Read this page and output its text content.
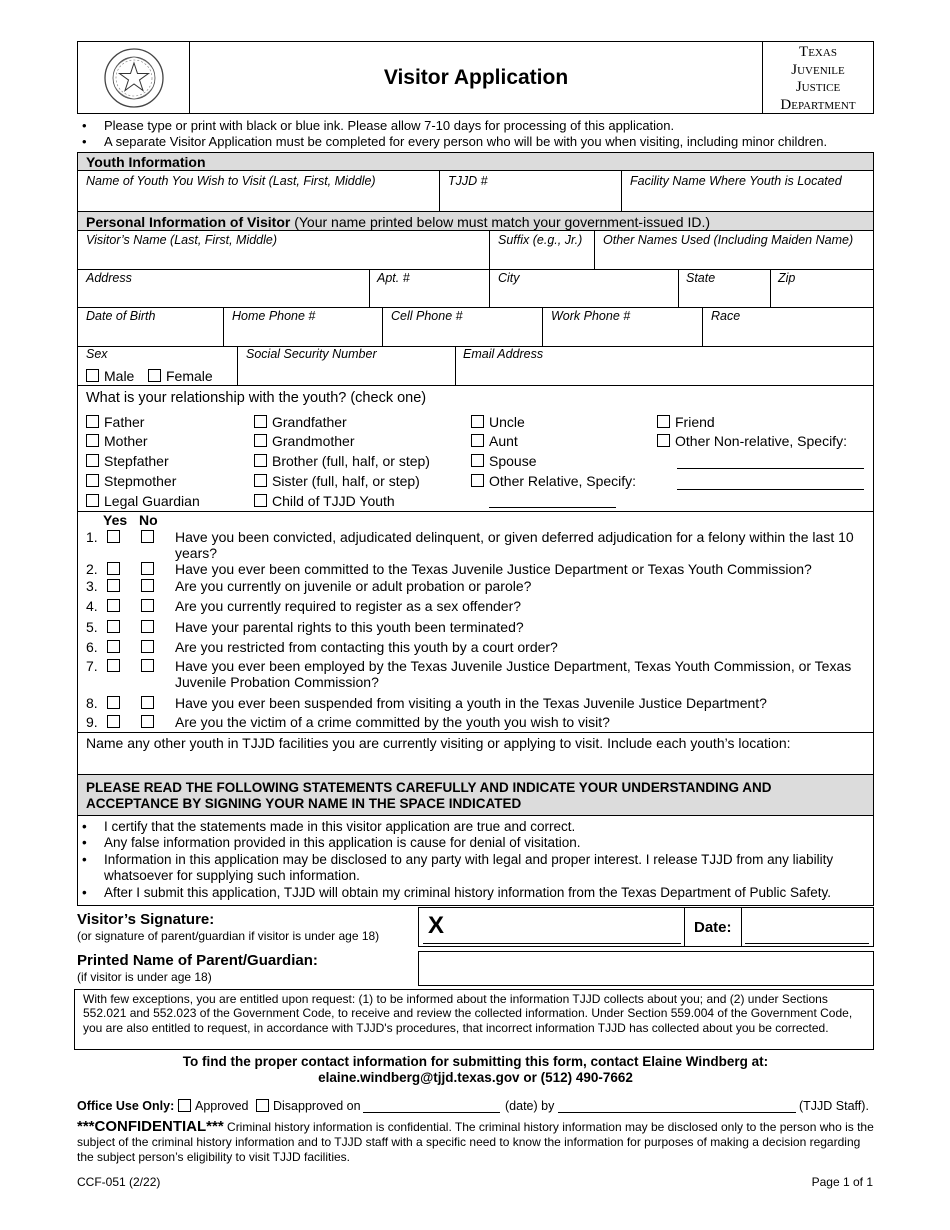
Visitor Application
Texas
Juvenile
Justice
Department
• Please type or print with black or blue ink. Please allow 7-10 days for processing of this application.
• A separate Visitor Application must be completed for every person who will be with you when visiting, including minor children.
Youth Information
Name of Youth You Wish to Visit (Last, First, Middle)	TJJD #	Facility Name Where Youth is Located
Personal Information of Visitor (Your name printed below must match your government-issued ID.)
Visitor’s Name (Last, First, Middle)	Suffix (e.g., Jr.) Other Names Used (Including Maiden Name)
Address	Apt. #	City	State	Zip
Date of Birth	Home Phone #	Cell Phone #	Work Phone #	Race
Sex
Male	Female
Social Security Number	Email Address
What is your relationship with the youth? (check one)
Father
Mother
Stepfather
Stepmother
Legal Guardian
Grandfather
Grandmother
Brother (full, half, or step)
Sister (full, half, or step)
Child of TJJD Youth
Uncle
Aunt
Spouse
Other Relative, Specify:
Friend
Other Non-relative, Specify:
Yes No
1.	Have you been convicted, adjudicated delinquent, or given deferred adjudication for a felony within the last 10 years?
2.	Have you ever been committed to the Texas Juvenile Justice Department or Texas Youth Commission?
3.	Are you currently on juvenile or adult probation or parole?
4.	Are you currently required to register as a sex offender?
5.	Have your parental rights to this youth been terminated?
6.	Are you restricted from contacting this youth by a court order?
7.	Have you ever been employed by the Texas Juvenile Justice Department, Texas Youth Commission, or Texas Juvenile Probation Commission?
8.	Have you ever been suspended from visiting a youth in the Texas Juvenile Justice Department?
9.	Are you the victim of a crime committed by the youth you wish to visit?
Name any other youth in TJJD facilities you are currently visiting or applying to visit. Include each youth’s location:
PLEASE READ THE FOLLOWING STATEMENTS CAREFULLY AND INDICATE YOUR UNDERSTANDING AND ACCEPTANCE BY SIGNING YOUR NAME IN THE SPACE INDICATED
• I certify that the statements made in this visitor application are true and correct.
• Any false information provided in this application is cause for denial of visitation.
• Information in this application may be disclosed to any party with legal and proper interest. I release TJJD from any liability whatsoever for supplying such information.
• After I submit this application, TJJD will obtain my criminal history information from the Texas Department of Public Safety.
Visitor’s Signature:
(or signature of parent/guardian if visitor is under age 18) X	Date:
Printed Name of Parent/Guardian:
(if visitor is under age 18)
With few exceptions, you are entitled upon request: (1) to be informed about the information TJJD collects about you; and (2) under Sections 552.021 and 552.023 of the Government Code, to receive and review the collected information. Under Section 559.004 of the Government Code, you are also entitled to request, in accordance with TJJD's procedures, that incorrect information TJJD has collected about you be corrected.
To find the proper contact information for submitting this form, contact Elaine Windberg at:
elaine.windberg@tjjd.texas.gov or (512) 490-7662
Office Use Only: Approved Disapproved on	(date) by	(TJJD Staff).
***CONFIDENTIAL*** Criminal history information is confidential. The criminal history information may be disclosed only to the person who is the subject of the criminal history information and to TJJD staff with a specific need to know the information for purposes of making a decision regarding the subject person’s eligibility to visit TJJD facilities.
CCF-051 (2/22)	Page 1 of 1
